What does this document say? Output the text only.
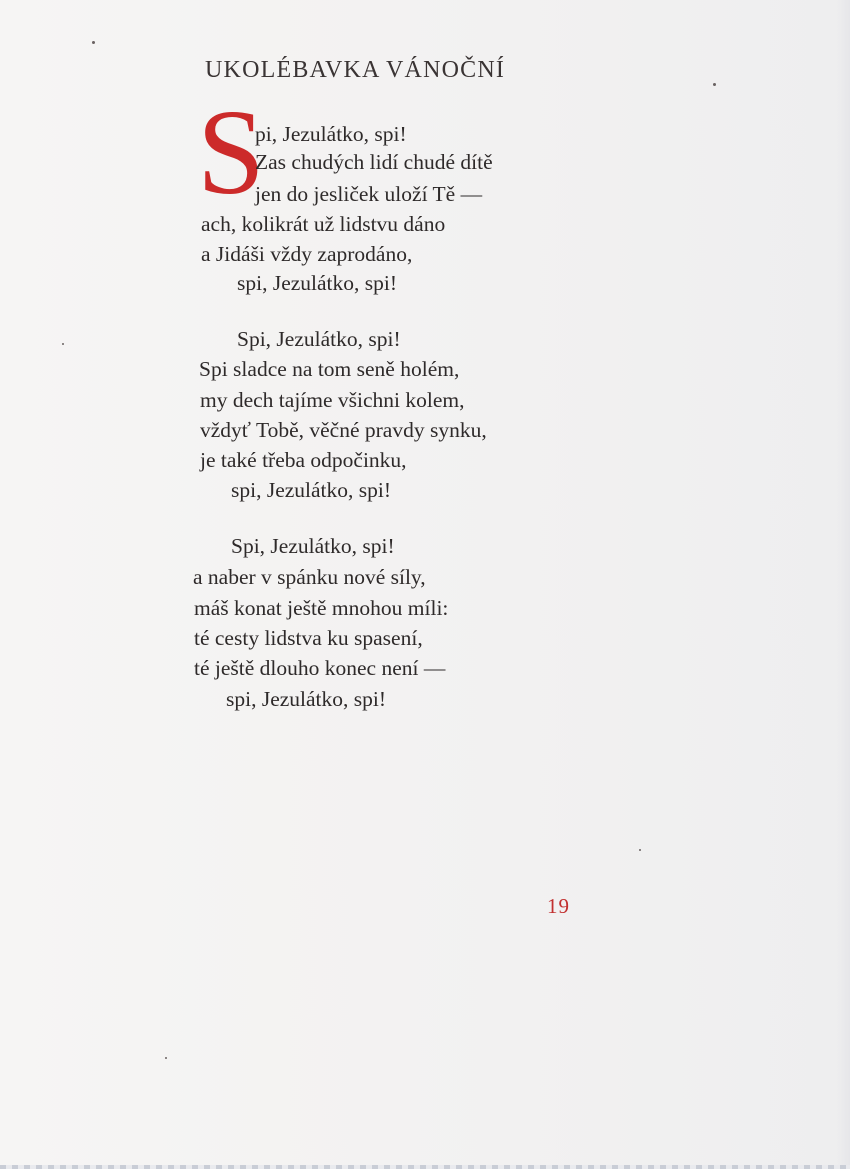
UKOLÉBAVKA VÁNOČNÍ
S
pi, Jezulátko, spi!
Zas chudých lidí chudé dítě
jen do jesliček uloží Tě —
ach, kolikrát už lidstvu dáno
a Jidáši vždy zaprodáno,
spi, Jezulátko, spi!
Spi, Jezulátko, spi!
Spi sladce na tom seně holém,
my dech tajíme všichni kolem,
vždyť Tobě, věčné pravdy synku,
je také třeba odpočinku,
spi, Jezulátko, spi!
Spi, Jezulátko, spi!
a naber v spánku nové síly,
máš konat ještě mnohou míli:
té cesty lidstva ku spasení,
té ještě dlouho konec není —
spi, Jezulátko, spi!
19
